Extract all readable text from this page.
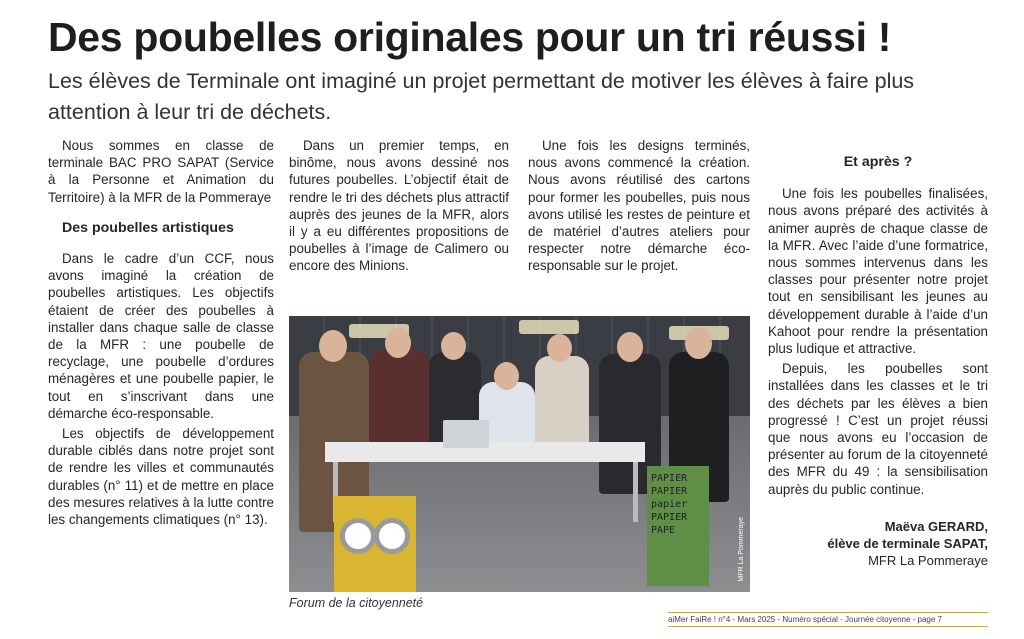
Des poubelles originales pour un tri réussi !
Les élèves de Terminale ont imaginé un projet permettant de motiver les élèves à faire plus attention à leur tri de déchets.

Nous sommes en classe de terminale BAC PRO SAPAT (Service à la Personne et Animation du Territoire) à la MFR de la Pommeraye

Des poubelles artistiques

Dans le cadre d’un CCF, nous avons imaginé la création de poubelles artistiques. Les objectifs étaient de créer des poubelles à installer dans chaque salle de classe de la MFR : une poubelle de recyclage, une poubelle d’ordures ménagères et une poubelle papier, le tout en s’inscrivant dans une démarche éco-responsable.

Les objectifs de développement durable ciblés dans notre projet sont de rendre les villes et communautés durables (n° 11) et de mettre en place des mesures relatives à la lutte contre les changements climatiques (n° 13).

Dans un premier temps, en binôme, nous avons dessiné nos futures poubelles. L’objectif était de rendre le tri des déchets plus attractif auprès des jeunes de la MFR, alors il y a eu différentes propositions de poubelles à l’image de Calimero ou encore des Minions.

Une fois les designs terminés, nous avons commencé la création. Nous avons réutilisé des cartons pour former les poubelles, puis nous avons utilisé les restes de peinture et de matériel d’autres ateliers pour respecter notre démarche éco-responsable sur le projet.

Et après ?

Une fois les poubelles finalisées, nous avons préparé des activités à animer auprès de chaque classe de la MFR. Avec l’aide d’une formatrice, nous sommes intervenus dans les classes pour présenter notre projet tout en sensibilisant les jeunes au développement durable à l’aide d’un Kahoot pour rendre la présentation plus ludique et attractive.

Depuis, les poubelles sont installées dans les classes et le tri des déchets par les élèves a bien progressé ! C’est un projet réussi que nous avons eu l’occasion de présenter au forum de la citoyenneté des MFR du 49 : la sensibilisation auprès du public continue.

Maëva GERARD,
élève de terminale SAPAT,
MFR La Pommeraye
PAPIER
PAPIER
papier
PAPIER
PAPE	MFR La Pommeraye
Forum de la citoyenneté
aiMer FaiRe ! n°4 - Mars 2025 - Numéro spécial - Journée citoyenne - page 7
